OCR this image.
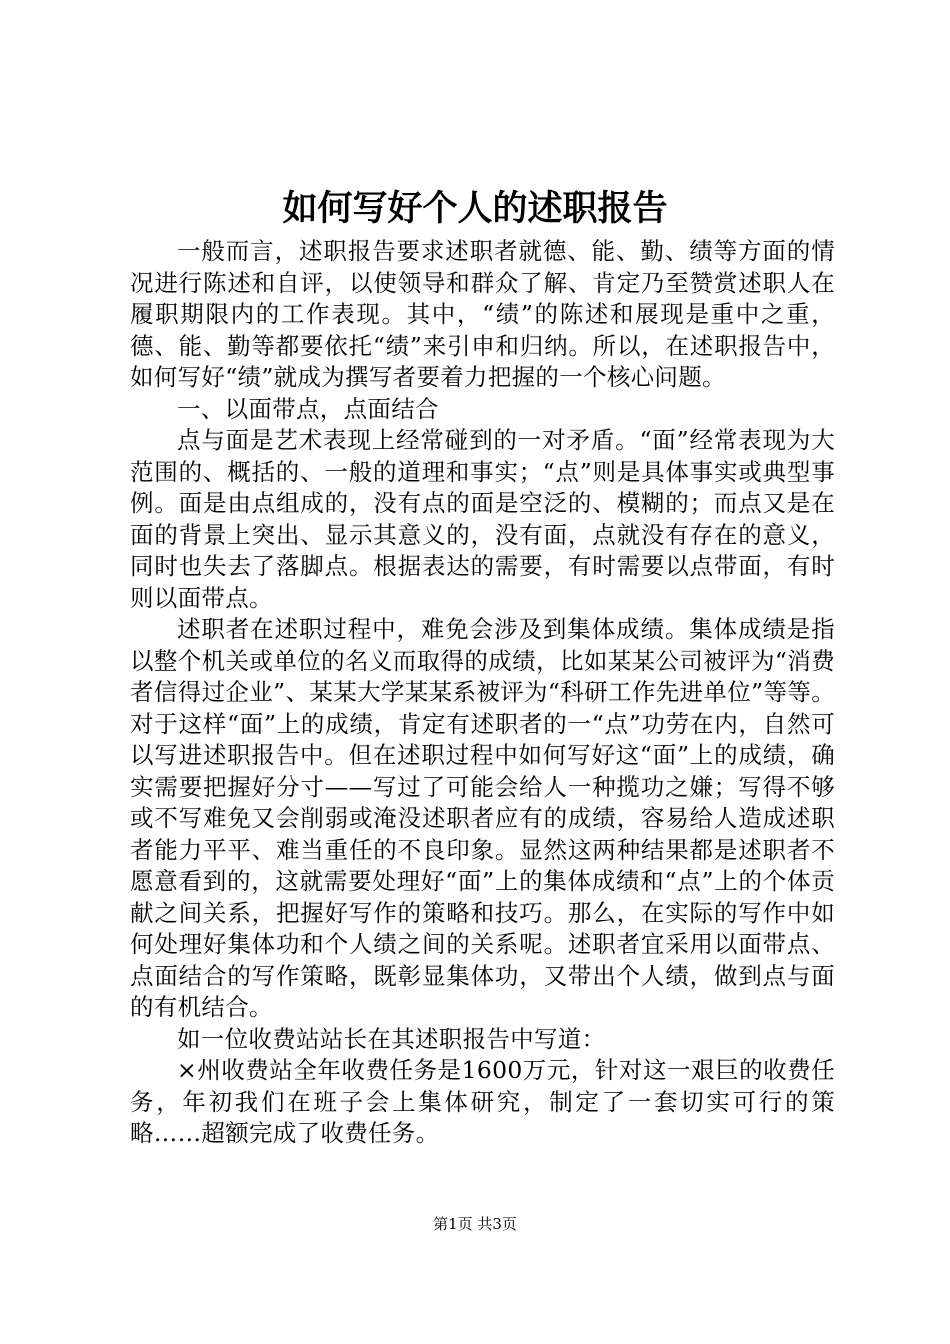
如何写好个人的述职报告

一般而言，述职报告要求述职者就德、能、勤、绩等方面的情况进行陈述和自评，以使领导和群众了解、肯定乃至赞赏述职人在履职期限内的工作表现。其中，“绩”的陈述和展现是重中之重，德、能、勤等都要依托“绩”来引申和归纳。所以，在述职报告中，如何写好“绩”就成为撰写者要着力把握的一个核心问题。

一、以面带点，点面结合

点与面是艺术表现上经常碰到的一对矛盾。“面”经常表现为大范围的、概括的、一般的道理和事实；“点”则是具体事实或典型事例。面是由点组成的，没有点的面是空泛的、模糊的；而点又是在面的背景上突出、显示其意义的，没有面，点就没有存在的意义，同时也失去了落脚点。根据表达的需要，有时需要以点带面，有时则以面带点。

述职者在述职过程中，难免会涉及到集体成绩。集体成绩是指以整个机关或单位的名义而取得的成绩，比如某某公司被评为“消费者信得过企业”、某某大学某某系被评为“科研工作先进单位”等等。对于这样“面”上的成绩，肯定有述职者的一“点”功劳在内，自然可以写进述职报告中。但在述职过程中如何写好这“面”上的成绩，确实需要把握好分寸——写过了可能会给人一种揽功之嫌；写得不够或不写难免又会削弱或淹没述职者应有的成绩，容易给人造成述职者能力平平、难当重任的不良印象。显然这两种结果都是述职者不愿意看到的，这就需要处理好“面”上的集体成绩和“点”上的个体贡献之间关系，把握好写作的策略和技巧。那么，在实际的写作中如何处理好集体功和个人绩之间的关系呢。述职者宜采用以面带点、点面结合的写作策略，既彰显集体功，又带出个人绩，做到点与面的有机结合。

如一位收费站站长在其述职报告中写道：

×州收费站全年收费任务是1600万元，针对这一艰巨的收费任务，年初我们在班子会上集体研究，制定了一套切实可行的策略……超额完成了收费任务。

第1页 共3页
